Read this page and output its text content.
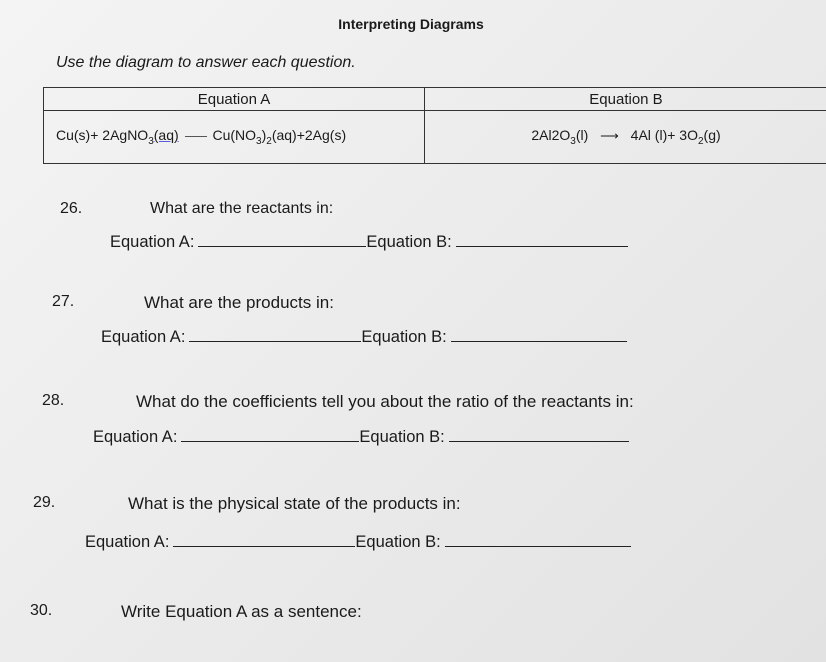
Interpreting Diagrams
Use the diagram to answer each question.
Equation A	Equation B
Cu(s)+ 2AgNO$_3$(aq) $Cu(NO_3)_2(aq)+2Ag(s)$	$2Al2O_3(l)$ ⟶ 4Al $(l)+ 3O_2(g)$
26.	What are the reactants in:
Equation A:	Equation B:
27.	What are the products in:
Equation A:	Equation B:
28.	What do the coefficients tell you about the ratio of the reactants in:
Equation A:	Equation B:
29.	What is the physical state of the products in:
Equation A:	Equation B:
30.	Write Equation A as a sentence:
